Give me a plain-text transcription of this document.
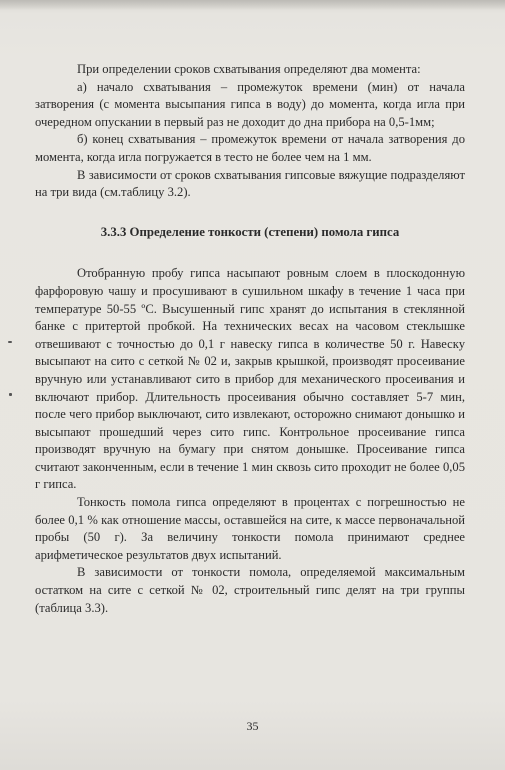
При определении сроков схватывания определяют два момента:

а) начало схватывания – промежуток времени (мин) от начала затворения (с момента высыпания гипса в воду) до момента, когда игла при очередном опускании в первый раз не доходит до дна прибора на 0,5-1мм;

б) конец схватывания – промежуток времени от начала затворения до момента, когда игла погружается в тесто не более чем на 1 мм.

В зависимости от сроков схватывания гипсовые вяжущие подразделяют на три вида (см.таблицу 3.2).

3.3.3 Определение тонкости (степени) помола гипса

Отобранную пробу гипса насыпают ровным слоем в плоскодонную фарфоровую чашу и просушивают в сушильном шкафу в течение 1 часа при температуре 50-55 ºС. Высушенный гипс хранят до испытания в стеклянной банке с притертой пробкой. На технических весах на часовом стеклышке отвешивают с точностью до 0,1 г навеску гипса в количестве 50 г. Навеску высыпают на сито с сеткой № 02 и, закрыв крышкой, производят просеивание вручную или устанавливают сито в прибор для механического просеивания и включают прибор. Длительность просеивания обычно составляет 5-7 мин, после чего прибор выключают, сито извлекают, осторожно снимают донышко и высыпают прошедший через сито гипс. Контрольное просеивание гипса производят вручную на бумагу при снятом донышке. Просеивание гипса считают законченным, если в течение 1 мин сквозь сито проходит не более 0,05 г гипса.

Тонкость помола гипса определяют в процентах с погрешностью не более 0,1 % как отношение массы, оставшейся на сите, к массе первоначальной пробы (50 г). За величину тонкости помола принимают среднее арифметическое результатов двух испытаний.

В зависимости от тонкости помола, определяемой максимальным остатком на сите с сеткой № 02, строительный гипс делят на три группы (таблица 3.3).

35
